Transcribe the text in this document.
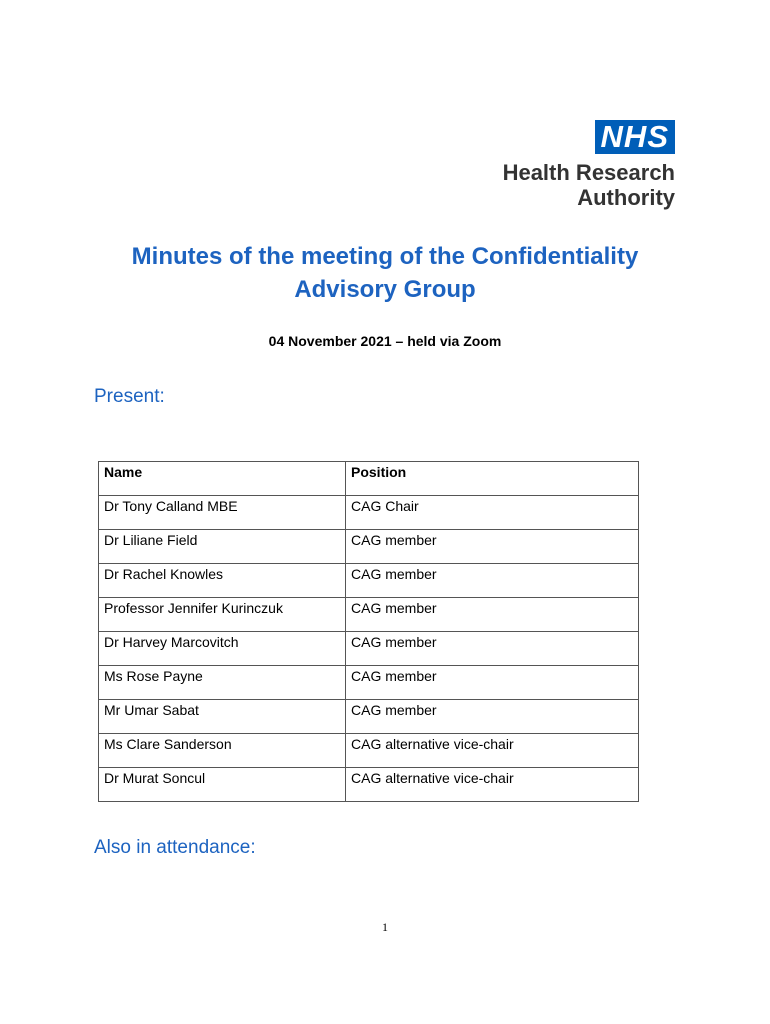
NHS
Health Research
Authority
Minutes of the meeting of the Confidentiality Advisory Group
04 November 2021 – held via Zoom
Present:
Name	Position
Dr Tony Calland MBE	CAG Chair
Dr Liliane Field	CAG member
Dr Rachel Knowles	CAG member
Professor Jennifer Kurinczuk	CAG member
Dr Harvey Marcovitch	CAG member
Ms Rose Payne	CAG member
Mr Umar Sabat	CAG member
Ms Clare Sanderson	CAG alternative vice-chair
Dr Murat Soncul	CAG alternative vice-chair
Also in attendance:
1
